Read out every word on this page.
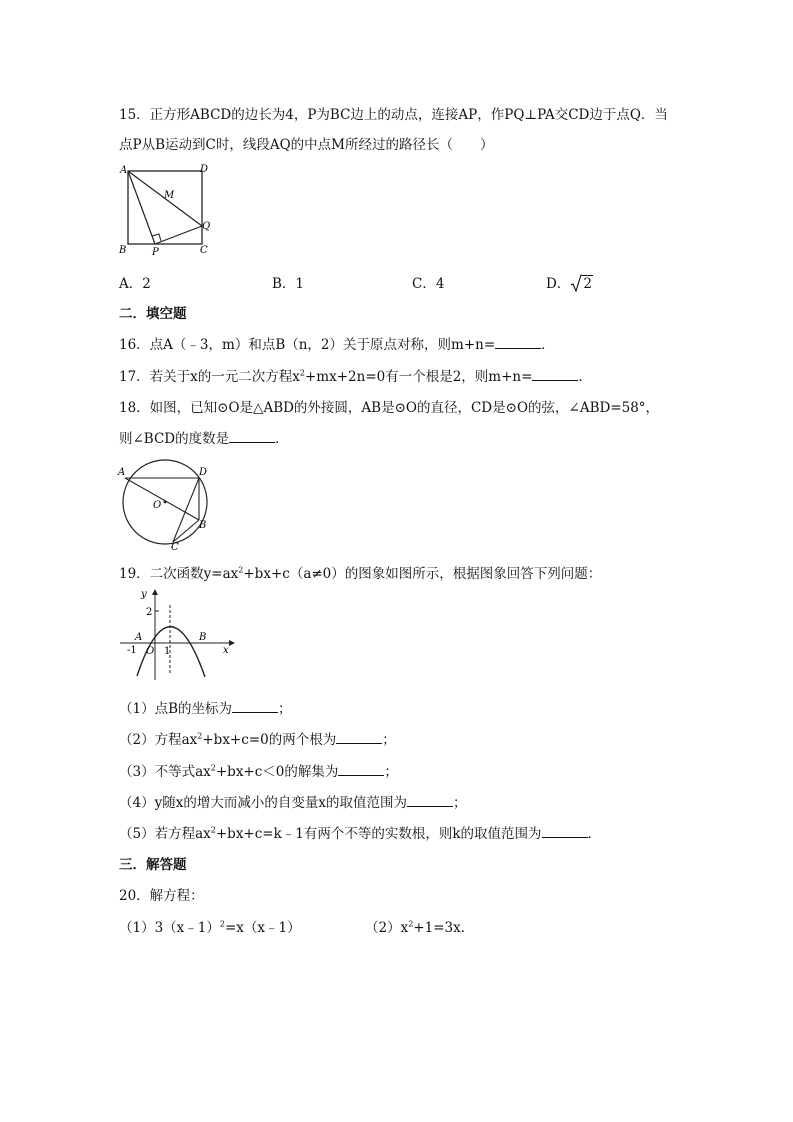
15．正方形ABCD的边长为4，P为BC边上的动点，连接AP，作PQ⊥PA交CD边于点Q．当
点P从B运动到C时，线段AQ的中点M所经过的路径长（　　）
A	D
M
Q
B	P	C
A．2	B．1	C．4	D． 2
二．填空题
16．点A（﹣3，m）和点B（n，2）关于原点对称，则m+n=	．
17．若关于x的一元二次方程$x^2+mx+2n=0$有一个根是2，则m+n=	．
18．如图，已知⊙O是△ABD的外接圆，AB是⊙O的直径，CD是⊙O的弦，∠ABD=58°，
则∠BCD的度数是	．
A	D
O
B
C
19．二次函数$y=ax^2+bx+c(a\ne 0)$的图象如图所示，根据图象回答下列问题：
y
2
A	B
-1 O 1	x
（1）点B的坐标为	；
（2）方程$ax^2+bx+c=0$的两个根为	；
（3）不等式$ax^2+bx+c<0$的解集为	；
（4）y随x的增大而减小的自变量x的取值范围为	；
（5）若方程$ax^2+bx+c=k﹣1$有两个不等的实数根，则k的取值范围为	．
三．解答题
20．解方程：
（1）3（x﹣1）$^2$=x（x﹣1）	$(2)x^2+1=3x$．
